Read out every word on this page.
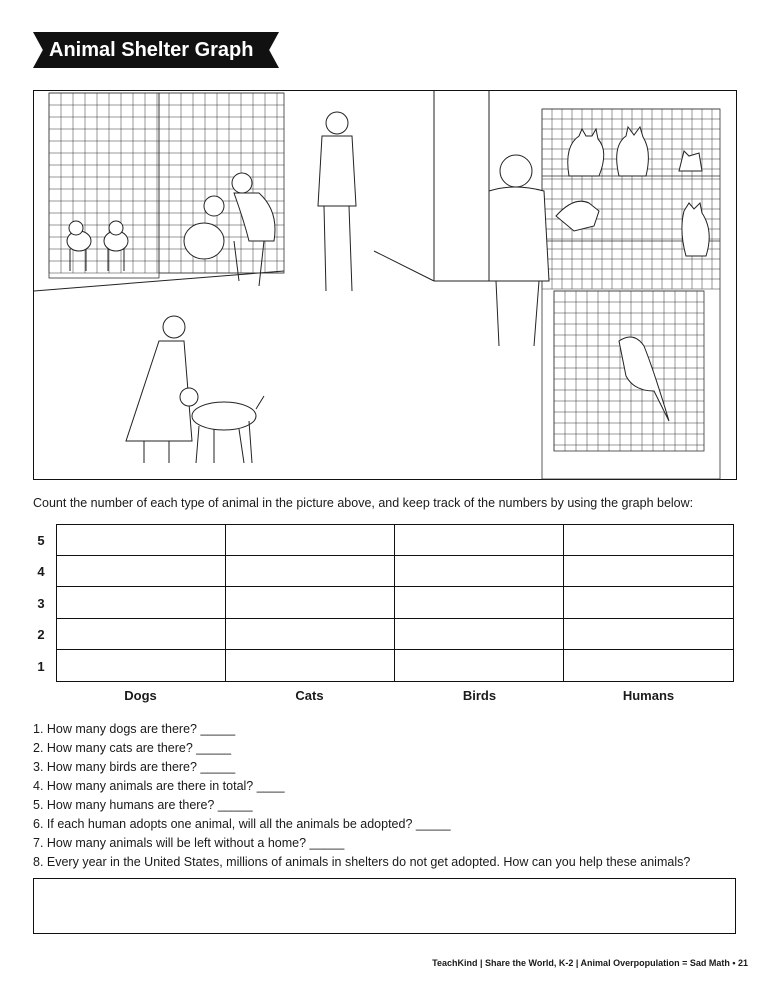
Animal Shelter Graph
Count the number of each type of animal in the picture above, and keep track of the numbers by using the graph below:
5
4
3
2
1
Dogs	Cats	Birds	Humans
1. How many dogs are there? _____
2. How many cats are there? _____
3. How many birds are there? _____
4. How many animals are there in total? ____
5. How many humans are there? _____
6. If each human adopts one animal, will all the animals be adopted? _____
7. How many animals will be left without a home? _____
8. Every year in the United States, millions of animals in shelters do not get adopted. How can you help these animals?
TeachKind | Share the World, K-2 | Animal Overpopulation = Sad Math • 21
